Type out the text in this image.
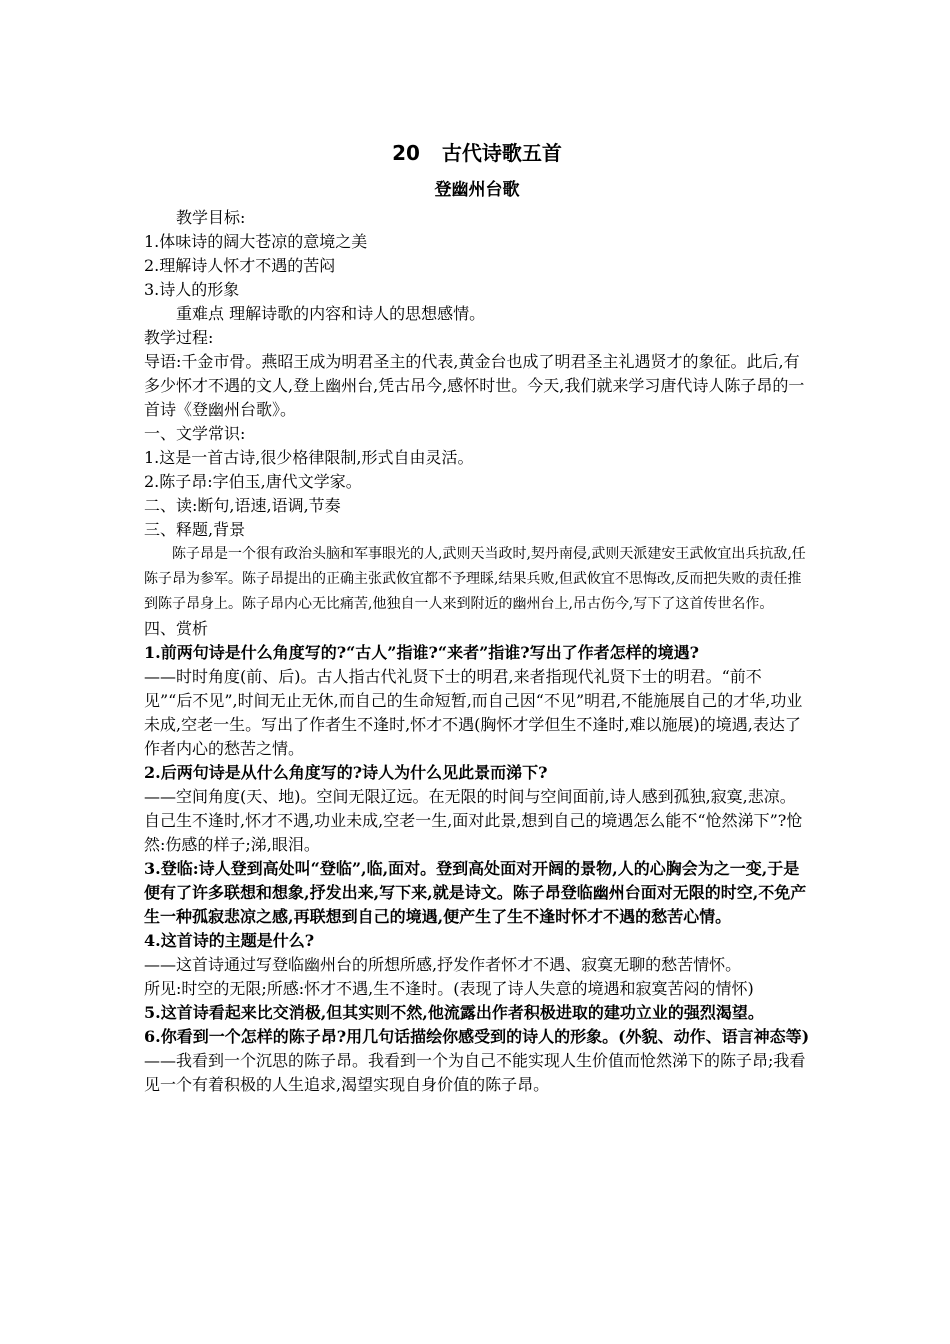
20 古代诗歌五首
登幽州台歌

教学目标:

1.体味诗的阔大苍凉的意境之美

2.理解诗人怀才不遇的苦闷

3.诗人的形象

重难点 理解诗歌的内容和诗人的思想感情。

教学过程:

导语:千金市骨。燕昭王成为明君圣主的代表,黄金台也成了明君圣主礼遇贤才的象征。此后,有多少怀才不遇的文人,登上幽州台,凭古吊今,感怀时世。今天,我们就来学习唐代诗人陈子昂的一首诗《登幽州台歌》。

一、文学常识:

1.这是一首古诗,很少格律限制,形式自由灵活。

2.陈子昂:字伯玉,唐代文学家。

二、读:断句,语速,语调,节奏

三、释题,背景

陈子昂是一个很有政治头脑和军事眼光的人,武则天当政时,契丹南侵,武则天派建安王武攸宜出兵抗敌,任陈子昂为参军。陈子昂提出的正确主张武攸宜都不予理睬,结果兵败,但武攸宜不思悔改,反而把失败的责任推到陈子昂身上。陈子昂内心无比痛苦,他独自一人来到附近的幽州台上,吊古伤今,写下了这首传世名作。

四、赏析

1.前两句诗是什么角度写的?“古人”指谁?“来者”指谁?写出了作者怎样的境遇?

——时时角度(前、后)。古人指古代礼贤下士的明君,来者指现代礼贤下士的明君。“前不见”“后不见”,时间无止无休,而自己的生命短暂,而自己因“不见”明君,不能施展自己的才华,功业未成,空老一生。写出了作者生不逢时,怀才不遇(胸怀才学但生不逢时,难以施展)的境遇,表达了作者内心的愁苦之情。

2.后两句诗是从什么角度写的?诗人为什么见此景而涕下?

——空间角度(天、地)。空间无限辽远。在无限的时间与空间面前,诗人感到孤独,寂寞,悲凉。自己生不逢时,怀才不遇,功业未成,空老一生,面对此景,想到自己的境遇怎么能不“怆然涕下”?怆然:伤感的样子;涕,眼泪。

3.登临:诗人登到高处叫“登临”,临,面对。登到高处面对开阔的景物,人的心胸会为之一变,于是便有了许多联想和想象,抒发出来,写下来,就是诗文。陈子昂登临幽州台面对无限的时空,不免产生一种孤寂悲凉之感,再联想到自己的境遇,便产生了生不逢时怀才不遇的愁苦心情。

4.这首诗的主题是什么?

——这首诗通过写登临幽州台的所想所感,抒发作者怀才不遇、寂寞无聊的愁苦情怀。

所见:时空的无限;所感:怀才不遇,生不逢时。(表现了诗人失意的境遇和寂寞苦闷的情怀)

5.这首诗看起来比交消极,但其实则不然,他流露出作者积极进取的建功立业的强烈渴望。

6.你看到一个怎样的陈子昂?用几句话描绘你感受到的诗人的形象。(外貌、动作、语言神态等)

——我看到一个沉思的陈子昂。我看到一个为自己不能实现人生价值而怆然涕下的陈子昂;我看见一个有着积极的人生追求,渴望实现自身价值的陈子昂。
